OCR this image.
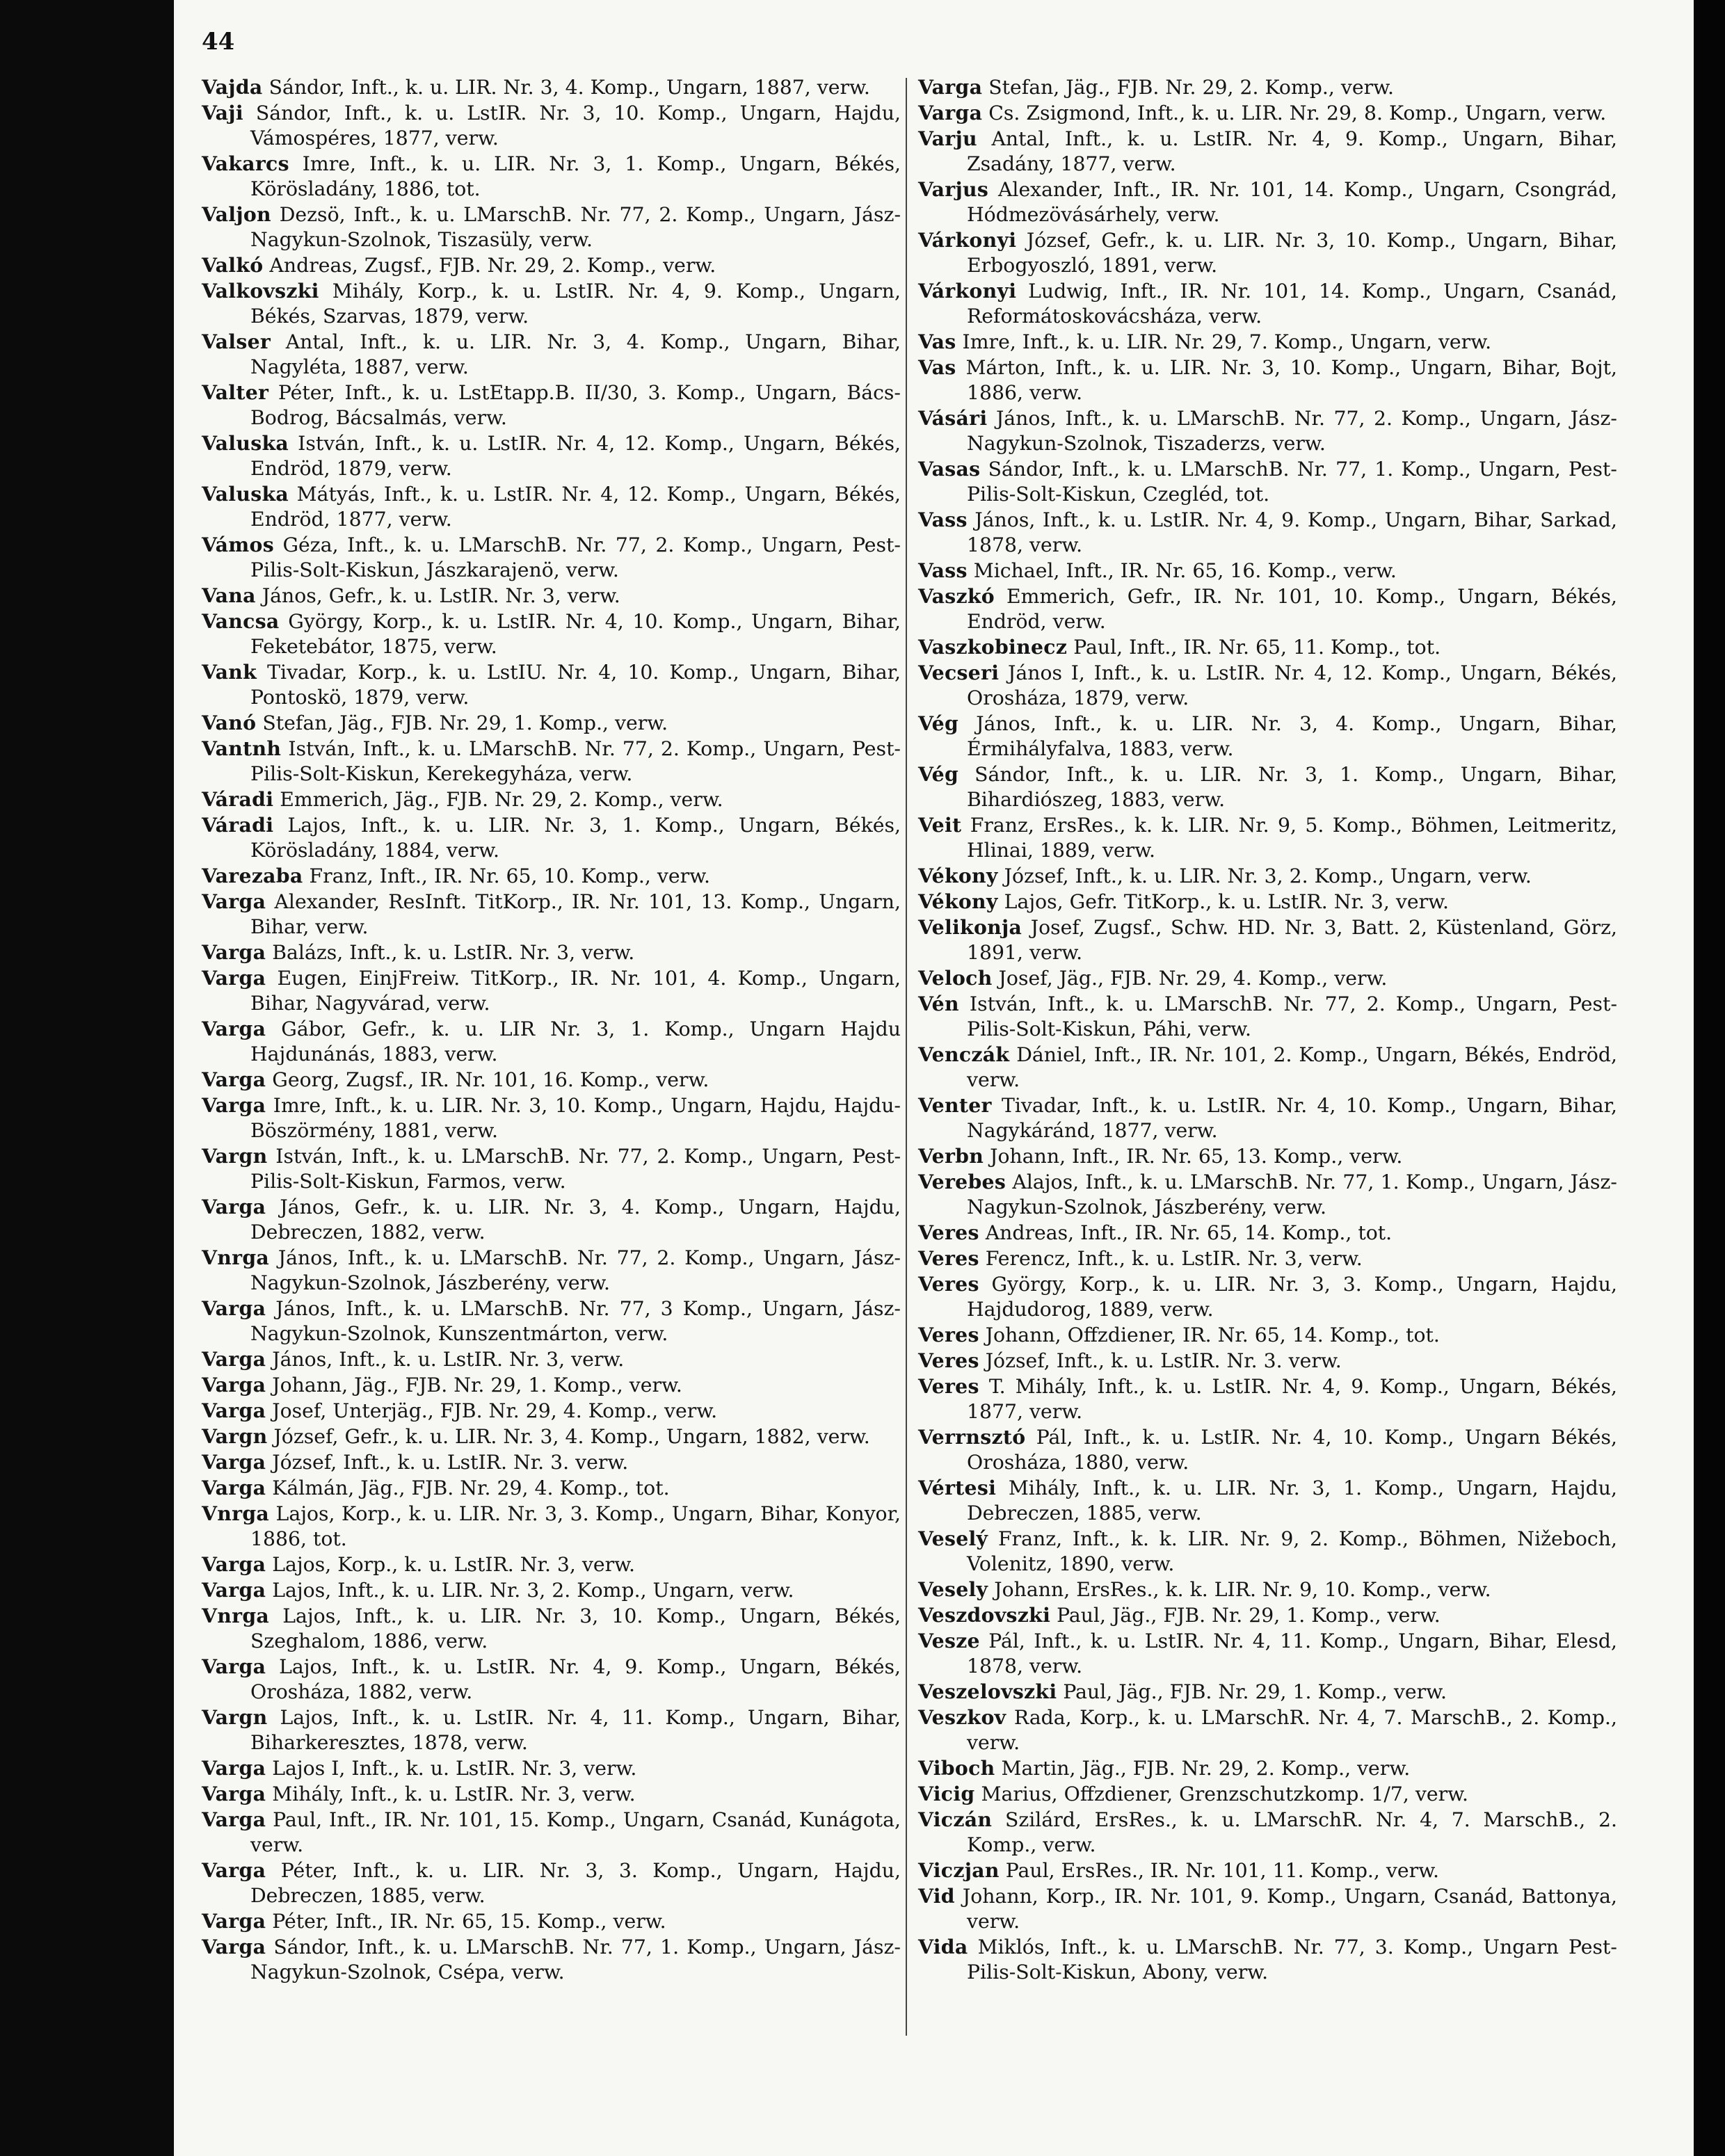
44

Vajda Sándor, Inft., k. u. LIR. Nr. 3, 4. Komp., Ungarn, 1887, verw.

Vaji Sándor, Inft., k. u. LstIR. Nr. 3, 10. Komp., Ungarn, Hajdu, Vámospéres, 1877, verw.

Vakarcs Imre, Inft., k. u. LIR. Nr. 3, 1. Komp., Ungarn, Békés, Körösladány, 1886, tot.

Valjon Dezsö, Inft., k. u. LMarschB. Nr. 77, 2. Komp., Ungarn, Jász-Nagykun-Szolnok, Tiszasüly, verw.

Valkó Andreas, Zugsf., FJB. Nr. 29, 2. Komp., verw.

Valkovszki Mihály, Korp., k. u. LstIR. Nr. 4, 9. Komp., Ungarn, Békés, Szarvas, 1879, verw.

Valser Antal, Inft., k. u. LIR. Nr. 3, 4. Komp., Ungarn, Bihar, Nagyléta, 1887, verw.

Valter Péter, Inft., k. u. LstEtapp.B. II/30, 3. Komp., Ungarn, Bács-Bodrog, Bácsalmás, verw.

Valuska István, Inft., k. u. LstIR. Nr. 4, 12. Komp., Ungarn, Békés, Endröd, 1879, verw.

Valuska Mátyás, Inft., k. u. LstIR. Nr. 4, 12. Komp., Ungarn, Békés, Endröd, 1877, verw.

Vámos Géza, Inft., k. u. LMarschB. Nr. 77, 2. Komp., Ungarn, Pest-Pilis-Solt-Kiskun, Jászkarajenö, verw.

Vana János, Gefr., k. u. LstIR. Nr. 3, verw.

Vancsa György, Korp., k. u. LstIR. Nr. 4, 10. Komp., Ungarn, Bihar, Feketebátor, 1875, verw.

Vank Tivadar, Korp., k. u. LstIU. Nr. 4, 10. Komp., Ungarn, Bihar, Pontoskö, 1879, verw.

Vanó Stefan, Jäg., FJB. Nr. 29, 1. Komp., verw.

Vantnh István, Inft., k. u. LMarschB. Nr. 77, 2. Komp., Ungarn, Pest-Pilis-Solt-Kiskun, Kerekegyháza, verw.

Váradi Emmerich, Jäg., FJB. Nr. 29, 2. Komp., verw.

Váradi Lajos, Inft., k. u. LIR. Nr. 3, 1. Komp., Ungarn, Békés, Körösladány, 1884, verw.

Varezaba Franz, Inft., IR. Nr. 65, 10. Komp., verw.

Varga Alexander, ResInft. TitKorp., IR. Nr. 101, 13. Komp., Ungarn, Bihar, verw.

Varga Balázs, Inft., k. u. LstIR. Nr. 3, verw.

Varga Eugen, EinjFreiw. TitKorp., IR. Nr. 101, 4. Komp., Ungarn, Bihar, Nagyvárad, verw.

Varga Gábor, Gefr., k. u. LIR Nr. 3, 1. Komp., Ungarn Hajdu Hajdunánás, 1883, verw.

Varga Georg, Zugsf., IR. Nr. 101, 16. Komp., verw.

Varga Imre, Inft., k. u. LIR. Nr. 3, 10. Komp., Ungarn, Hajdu, Hajdu-Böszörmény, 1881, verw.

Vargn István, Inft., k. u. LMarschB. Nr. 77, 2. Komp., Ungarn, Pest-Pilis-Solt-Kiskun, Farmos, verw.

Varga János, Gefr., k. u. LIR. Nr. 3, 4. Komp., Ungarn, Hajdu, Debreczen, 1882, verw.

Vnrga János, Inft., k. u. LMarschB. Nr. 77, 2. Komp., Ungarn, Jász-Nagykun-Szolnok, Jászberény, verw.

Varga János, Inft., k. u. LMarschB. Nr. 77, 3 Komp., Ungarn, Jász-Nagykun-Szolnok, Kunszentmárton, verw.

Varga János, Inft., k. u. LstIR. Nr. 3, verw.

Varga Johann, Jäg., FJB. Nr. 29, 1. Komp., verw.

Varga Josef, Unterjäg., FJB. Nr. 29, 4. Komp., verw.

Vargn József, Gefr., k. u. LIR. Nr. 3, 4. Komp., Ungarn, 1882, verw.

Varga József, Inft., k. u. LstIR. Nr. 3. verw.

Varga Kálmán, Jäg., FJB. Nr. 29, 4. Komp., tot.

Vnrga Lajos, Korp., k. u. LIR. Nr. 3, 3. Komp., Ungarn, Bihar, Konyor, 1886, tot.

Varga Lajos, Korp., k. u. LstIR. Nr. 3, verw.

Varga Lajos, Inft., k. u. LIR. Nr. 3, 2. Komp., Ungarn, verw.

Vnrga Lajos, Inft., k. u. LIR. Nr. 3, 10. Komp., Ungarn, Békés, Szeghalom, 1886, verw.

Varga Lajos, Inft., k. u. LstIR. Nr. 4, 9. Komp., Ungarn, Békés, Orosháza, 1882, verw.

Vargn Lajos, Inft., k. u. LstIR. Nr. 4, 11. Komp., Ungarn, Bihar, Biharkeresztes, 1878, verw.

Varga Lajos I, Inft., k. u. LstIR. Nr. 3, verw.

Varga Mihály, Inft., k. u. LstIR. Nr. 3, verw.

Varga Paul, Inft., IR. Nr. 101, 15. Komp., Ungarn, Csanád, Kunágota, verw.

Varga Péter, Inft., k. u. LIR. Nr. 3, 3. Komp., Ungarn, Hajdu, Debreczen, 1885, verw.

Varga Péter, Inft., IR. Nr. 65, 15. Komp., verw.

Varga Sándor, Inft., k. u. LMarschB. Nr. 77, 1. Komp., Ungarn, Jász-Nagykun-Szolnok, Csépa, verw.

Varga Stefan, Jäg., FJB. Nr. 29, 2. Komp., verw.

Varga Cs. Zsigmond, Inft., k. u. LIR. Nr. 29, 8. Komp., Ungarn, verw.

Varju Antal, Inft., k. u. LstIR. Nr. 4, 9. Komp., Ungarn, Bihar, Zsadány, 1877, verw.

Varjus Alexander, Inft., IR. Nr. 101, 14. Komp., Ungarn, Csongrád, Hódmezövásárhely, verw.

Várkonyi József, Gefr., k. u. LIR. Nr. 3, 10. Komp., Ungarn, Bihar, Erbogyoszló, 1891, verw.

Várkonyi Ludwig, Inft., IR. Nr. 101, 14. Komp., Ungarn, Csanád, Reformátoskovácsháza, verw.

Vas Imre, Inft., k. u. LIR. Nr. 29, 7. Komp., Ungarn, verw.

Vas Márton, Inft., k. u. LIR. Nr. 3, 10. Komp., Ungarn, Bihar, Bojt, 1886, verw.

Vásári János, Inft., k. u. LMarschB. Nr. 77, 2. Komp., Ungarn, Jász-Nagykun-Szolnok, Tiszaderzs, verw.

Vasas Sándor, Inft., k. u. LMarschB. Nr. 77, 1. Komp., Ungarn, Pest-Pilis-Solt-Kiskun, Czegléd, tot.

Vass János, Inft., k. u. LstIR. Nr. 4, 9. Komp., Ungarn, Bihar, Sarkad, 1878, verw.

Vass Michael, Inft., IR. Nr. 65, 16. Komp., verw.

Vaszkó Emmerich, Gefr., IR. Nr. 101, 10. Komp., Ungarn, Békés, Endröd, verw.

Vaszkobinecz Paul, Inft., IR. Nr. 65, 11. Komp., tot.

Vecseri János I, Inft., k. u. LstIR. Nr. 4, 12. Komp., Ungarn, Békés, Orosháza, 1879, verw.

Vég János, Inft., k. u. LIR. Nr. 3, 4. Komp., Ungarn, Bihar, Érmihályfalva, 1883, verw.

Vég Sándor, Inft., k. u. LIR. Nr. 3, 1. Komp., Ungarn, Bihar, Bihardiószeg, 1883, verw.

Veit Franz, ErsRes., k. k. LIR. Nr. 9, 5. Komp., Böhmen, Leitmeritz, Hlinai, 1889, verw.

Vékony József, Inft., k. u. LIR. Nr. 3, 2. Komp., Ungarn, verw.

Vékony Lajos, Gefr. TitKorp., k. u. LstIR. Nr. 3, verw.

Velikonja Josef, Zugsf., Schw. HD. Nr. 3, Batt. 2, Küstenland, Görz, 1891, verw.

Veloch Josef, Jäg., FJB. Nr. 29, 4. Komp., verw.

Vén István, Inft., k. u. LMarschB. Nr. 77, 2. Komp., Ungarn, Pest-Pilis-Solt-Kiskun, Páhi, verw.

Venczák Dániel, Inft., IR. Nr. 101, 2. Komp., Ungarn, Békés, Endröd, verw.

Venter Tivadar, Inft., k. u. LstIR. Nr. 4, 10. Komp., Ungarn, Bihar, Nagykáránd, 1877, verw.

Verbn Johann, Inft., IR. Nr. 65, 13. Komp., verw.

Verebes Alajos, Inft., k. u. LMarschB. Nr. 77, 1. Komp., Ungarn, Jász-Nagykun-Szolnok, Jászberény, verw.

Veres Andreas, Inft., IR. Nr. 65, 14. Komp., tot.

Veres Ferencz, Inft., k. u. LstIR. Nr. 3, verw.

Veres György, Korp., k. u. LIR. Nr. 3, 3. Komp., Ungarn, Hajdu, Hajdudorog, 1889, verw.

Veres Johann, Offzdiener, IR. Nr. 65, 14. Komp., tot.

Veres József, Inft., k. u. LstIR. Nr. 3. verw.

Veres T. Mihály, Inft., k. u. LstIR. Nr. 4, 9. Komp., Ungarn, Békés, 1877, verw.

Verrnsztó Pál, Inft., k. u. LstIR. Nr. 4, 10. Komp., Ungarn Békés, Orosháza, 1880, verw.

Vértesi Mihály, Inft., k. u. LIR. Nr. 3, 1. Komp., Ungarn, Hajdu, Debreczen, 1885, verw.

Veselý Franz, Inft., k. k. LIR. Nr. 9, 2. Komp., Böhmen, Nižeboch, Volenitz, 1890, verw.

Vesely Johann, ErsRes., k. k. LIR. Nr. 9, 10. Komp., verw.

Veszdovszki Paul, Jäg., FJB. Nr. 29, 1. Komp., verw.

Vesze Pál, Inft., k. u. LstIR. Nr. 4, 11. Komp., Ungarn, Bihar, Elesd, 1878, verw.

Veszelovszki Paul, Jäg., FJB. Nr. 29, 1. Komp., verw.

Veszkov Rada, Korp., k. u. LMarschR. Nr. 4, 7. MarschB., 2. Komp., verw.

Viboch Martin, Jäg., FJB. Nr. 29, 2. Komp., verw.

Vicig Marius, Offzdiener, Grenzschutzkomp. 1/7, verw.

Viczán Szilárd, ErsRes., k. u. LMarschR. Nr. 4, 7. MarschB., 2. Komp., verw.

Viczjan Paul, ErsRes., IR. Nr. 101, 11. Komp., verw.

Vid Johann, Korp., IR. Nr. 101, 9. Komp., Ungarn, Csanád, Battonya, verw.

Vida Miklós, Inft., k. u. LMarschB. Nr. 77, 3. Komp., Ungarn Pest-Pilis-Solt-Kiskun, Abony, verw.
